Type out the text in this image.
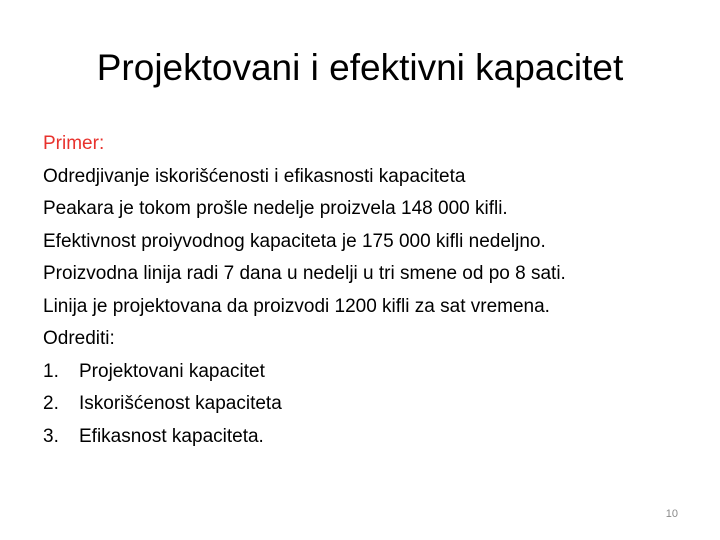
Projektovani i efektivni kapacitet
Primer:
Odredjivanje iskorišćenosti i efikasnosti kapaciteta
Peakara je tokom prošle nedelje proizvela 148 000 kifli.
Efektivnost proiyvodnog kapaciteta je 175 000 kifli nedeljno.
Proizvodna linija radi 7 dana u nedelji u tri smene od po 8 sati.
Linija je projektovana da proizvodi 1200 kifli za sat vremena.
Odrediti:
1.	Projektovani kapacitet
2.	Iskorišćenost kapaciteta
3.	Efikasnost kapaciteta.
10
